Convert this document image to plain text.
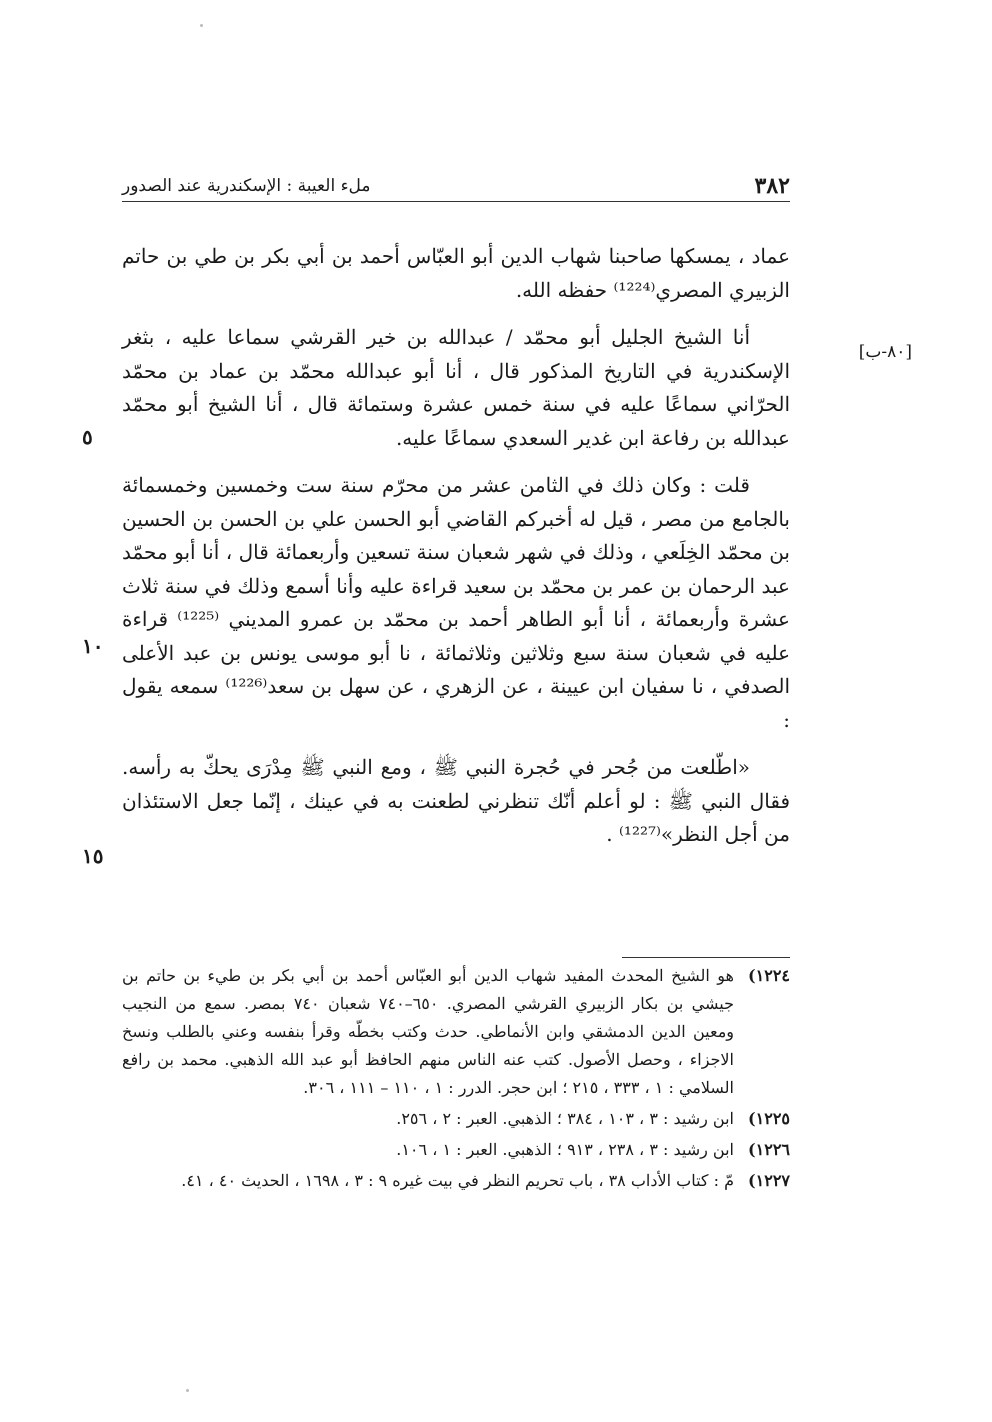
٣٨٢
ملء العيبة : الإسكندرية عند الصدور
[٨٠-ب]
٥
١٠
١٥

عماد ، يمسكها صاحبنا شهاب الدين أبو العبّاس أحمد بن أبي بكر بن طي بن حاتم الزبيري المصري⁽¹²²⁴⁾ حفظه الله.

أنا الشيخ الجليل أبو محمّد / عبدالله بن خير القرشي سماعا عليه ، بثغر الإسكندرية في التاريخ المذكور قال ، أنا أبو عبدالله محمّد بن عماد بن محمّد الحرّاني سماعًا عليه في سنة خمس عشرة وستمائة قال ، أنا الشيخ أبو محمّد عبدالله بن رفاعة ابن غدير السعدي سماعًا عليه.

قلت : وكان ذلك في الثامن عشر من محرّم سنة ست وخمسين وخمسمائة بالجامع من مصر ، قيل له أخبركم القاضي أبو الحسن علي بن الحسن بن الحسين بن محمّد الخِلَعي ، وذلك في شهر شعبان سنة تسعين وأربعمائة قال ، أنا أبو محمّد عبد الرحمان بن عمر بن محمّد بن سعيد قراءة عليه وأنا أسمع وذلك في سنة ثلاث عشرة وأربعمائة ، أنا أبو الطاهر أحمد بن محمّد بن عمرو المديني ⁽¹²²⁵⁾ قراءة عليه في شعبان سنة سبع وثلاثين وثلاثمائة ، نا أبو موسى يونس بن عبد الأعلى الصدفي ، نا سفيان ابن عيينة ، عن الزهري ، عن سهل بن سعد⁽¹²²⁶⁾ سمعه يقول :

«اطّلعت من جُحر في حُجرة النبي ﷺ ، ومع النبي ﷺ مِدْرَى يحكّ به رأسه. فقال النبي ﷺ : لو أعلم أنّك تنظرني لطعنت به في عينك ، إنّما جعل الاستئذان من أجل النظر»⁽¹²²⁷⁾ .

١٢٢٤)
هو الشيخ المحدث المفيد شهاب الدين أبو العبّاس أحمد بن أبي بكر بن طيء بن حاتم بن جيشي بن بكار الزبيري القرشي المصري. ٦٥٠–٧٤٠ شعبان ٧٤٠ بمصر. سمع من النجيب ومعين الدين الدمشقي وابن الأنماطي. حدث وكتب بخطّه وقرأ بنفسه وعني بالطلب ونسخ الاجزاء ، وحصل الأصول. كتب عنه الناس منهم الحافظ أبو عبد الله الذهبي. محمد بن رافع السلامي : ١ ، ٣٣٣ ، ٢١٥ ؛ ابن حجر. الدرر : ١ ، ١١٠ – ١١١ ، ٣٠٦.
١٢٢٥)
ابن رشيد : ٣ ، ١٠٣ ، ٣٨٤ ؛ الذهبي. العبر : ٢ ، ٢٥٦.
١٢٢٦)
ابن رشيد : ٣ ، ٢٣٨ ، ٩١٣ ؛ الذهبي. العبر : ١ ، ١٠٦.
١٢٢٧)
مّ : كتاب الأداب ٣٨ ، باب تحريم النظر في بيت غيره ٩ : ٣ ، ١٦٩٨ ، الحديث ٤٠ ، ٤١.
